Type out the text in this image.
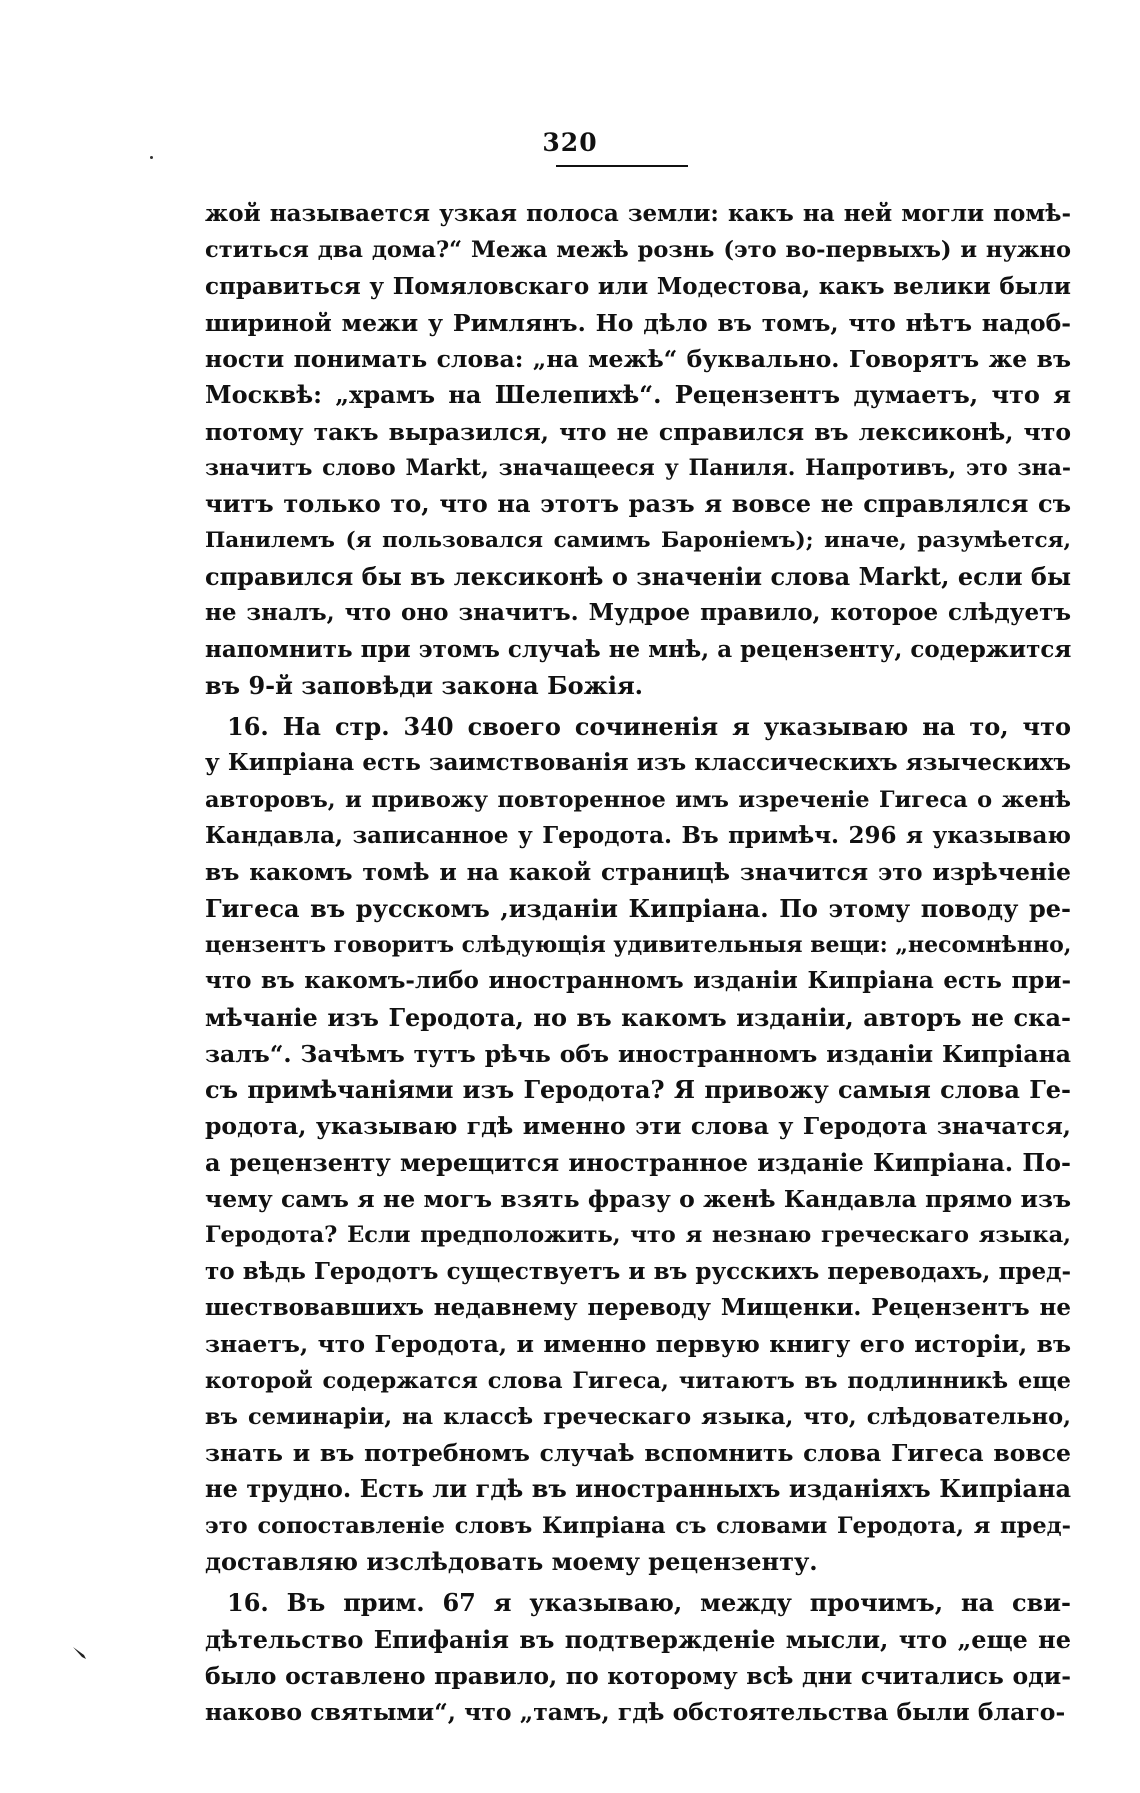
320
жой называется узкая полоса земли: какъ на ней могли помѣ-
ститься два дома?“ Межа межѣ рознь (это во-первыхъ) и нужно
справиться у Помяловскаго или Модестова, какъ велики были
шириной межи у Римлянъ. Но дѣло въ томъ, что нѣтъ надоб-
ности понимать слова: „на межѣ“ буквально. Говорятъ же въ
Москвѣ: „храмъ на Шелепихѣ“. Рецензентъ думаетъ, что я
потому такъ выразился, что не справился въ лексиконѣ, что
значитъ слово Markt, значащееся у Паниля. Напротивъ, это зна-
читъ только то, что на этотъ разъ я вовсе не справлялся съ
Панилемъ (я пользовался самимъ Бароніемъ); иначе, разумѣется,
справился бы въ лексиконѣ о значеніи слова Markt, если бы
не зналъ, что оно значитъ. Мудрое правило, которое слѣдуетъ
напомнить при этомъ случаѣ не мнѣ, а рецензенту, содержится
въ 9-й заповѣди закона Божія.
16. На стр. 340 своего сочиненія я указываю на то, что
у Кипріана есть заимствованія изъ классическихъ языческихъ
авторовъ, и привожу повторенное имъ изреченіе Гигеса о женѣ
Кандавла, записанное у Геродота. Въ примѣч. 296 я указываю
въ какомъ томѣ и на какой страницѣ значится это изрѣченіе
Гигеса въ русскомъ ,изданіи Кипріана. По этому поводу ре-
цензентъ говоритъ слѣдующія удивительныя вещи: „несомнѣнно,
что въ какомъ-либо иностранномъ изданіи Кипріана есть при-
мѣчаніе изъ Геродота, но въ какомъ изданіи, авторъ не ска-
залъ“. Зачѣмъ тутъ рѣчь объ иностранномъ изданіи Кипріана
съ примѣчаніями изъ Геродота? Я привожу самыя слова Ге-
родота, указываю гдѣ именно эти слова у Геродота значатся,
а рецензенту мерещится иностранное изданіе Кипріана. По-
чему самъ я не могъ взять фразу о женѣ Кандавла прямо изъ
Геродота? Если предположить, что я незнаю греческаго языка,
то вѣдь Геродотъ существуетъ и въ русскихъ переводахъ, пред-
шествовавшихъ недавнему переводу Мищенки. Рецензентъ не
знаетъ, что Геродота, и именно первую книгу его исторіи, въ
которой содержатся слова Гигеса, читаютъ въ подлинникѣ еще
въ семинаріи, на классѣ греческаго языка, что, слѣдовательно,
знать и въ потребномъ случаѣ вспомнить слова Гигеса вовсе
не трудно. Есть ли гдѣ въ иностранныхъ изданіяхъ Кипріана
это сопоставленіе словъ Кипріана съ словами Геродота, я пред-
доставляю изслѣдовать моему рецензенту.
16. Въ прим. 67 я указываю, между прочимъ, на сви-
дѣтельство Епифанія въ подтвержденіе мысли, что „еще не
было оставлено правило, по которому всѣ дни считались оди-
наково святыми“, что „тамъ, гдѣ обстоятельства были благо-
